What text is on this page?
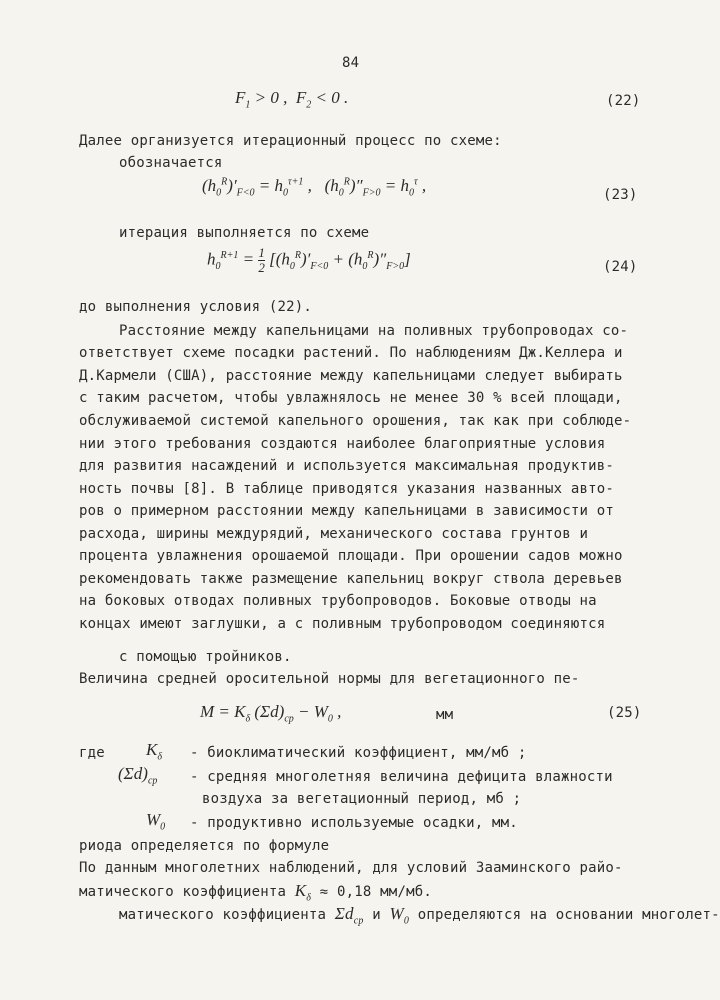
84
$F_1 > 0$ ,  $F_2 < 0$ .	(22)
Далее организуется итерационный процесс по схеме:
обозначается
$(h_0^R)'_{F<0} = h_0^{\tau+1}$ ,   $(h_0^R)''_{F>0} = h_0^\tau$ ,	(23)
итерация выполняется по схеме
$h_0^{R+1} = \frac{1}{2} [(h_0^R)'_{F<0} + (h_0^R)''_{F>0}]$	(24)
до выполнения условия (22).
Расстояние между капельницами на поливных трубопроводах со-
ответствует схеме посадки растений. По наблюдениям Дж.Келлера и
Д.Кармели (США), расстояние между капельницами следует выбирать
с таким расчетом, чтобы увлажнялось не менее 30 % всей площади,
обслуживаемой системой капельного орошения, так как при соблюде-
нии этого требования создаются наиболее благоприятные условия
для развития насаждений и используется максимальная продуктив-
ность почвы [8]. В таблице приводятся указания названных авто-
ров о примерном расстоянии между капельницами в зависимости от
расхода, ширины междурядий, механического состава грунтов и
процента увлажнения орошаемой площади. При орошении садов можно
рекомендовать также размещение капельниц вокруг ствола деревьев
на боковых отводах поливных трубопроводов. Боковые отводы на
концах имеют заглушки, а с поливным трубопроводом соединяются
с помощью тройников.
Величина средней оросительной нормы для вегетационного пе-
$M = K_\delta$ $(\Sigma d)_{cp} - W_0$ ,	мм	(25)
где $K_\delta$ - биоклиматический коэффициент, мм/мб ;
$(\Sigma d)_{cp}$ - средняя многолетняя величина дефицита влажности
воздуха за вегетационный период, мб ;
$W_0$ - продуктивно используемые осадки, мм.
риода определяется по формуле
По данным многолетних наблюдений, для условий Зааминского райо-
матического коэффициента $K_\delta \approx 0,18$ мм/мб.
матического коэффициента $\Sigma d_{cp}$ и $W_0$ определяются на основании многолет-
